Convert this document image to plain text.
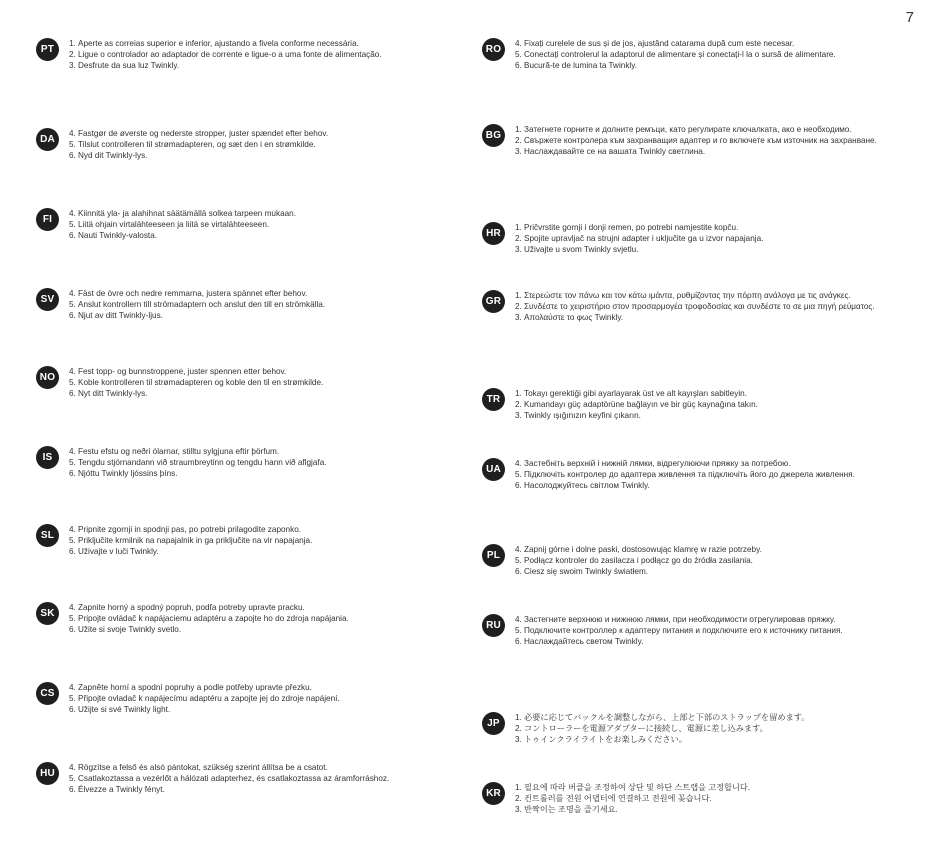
7
PT
1. Aperte as correias superior e inferior, ajustando a fivela conforme necessária.
2. Ligue o controlador ao adaptador de corrente e ligue-o a uma fonte de alimentação.
3. Desfrute da sua luz Twinkly.
DA
4. Fastgør de øverste og nederste stropper, juster spændet efter behov.
5. Tilslut controlleren til strømadapteren, og sæt den i en strømkilde.
6. Nyd dit Twinkly-lys.
FI
4. Kiinnitä yla- ja alahihnat säätämällä solkea tarpeen mukaan.
5. Liitä ohjain virtalähteeseen ja liitä se virtalähteeseen.
6. Nauti Twinkly-valosta.
SV
4. Fäst de övre och nedre remmarna, justera spännet efter behov.
5. Anslut kontrollern till strömadaptern och anslut den till en strömkälla.
6. Njut av ditt Twinkly-ljus.
NO
4. Fest topp- og bunnstroppene, juster spennen etter behov.
5. Koble kontrolleren til strømadapteren og koble den til en strømkilde.
6. Nyt ditt Twinkly-lys.
IS
4. Festu efstu og neðri ólarnar, stilltu sylgjuna eftir þörfum.
5. Tengdu stjórnandann við straumbreytinn og tengdu hann við aflgjafa.
6. Njóttu Twinkly ljóssins þíns.
SL
4. Pripnite zgornji in spodnji pas, po potrebi prilagodite zaponko.
5. Priključite krmilnik na napajalnik in ga priključite na vir napajanja.
6. Uživajte v luči Twinkly.
SK
4. Zapnite horný a spodný popruh, podľa potreby upravte pracku.
5. Pripojte ovládač k napájaciemu adaptéru a zapojte ho do zdroja napájania.
6. Užite si svoje Twinkly svetlo.
CS
4. Zapněte horní a spodní popruhy a podle potřeby upravte přezku.
5. Připojte ovladač k napájecímu adaptéru a zapojte jej do zdroje napájení.
6. Užijte si své Twinkly light.
HU
4. Rögzítse a felső és alsó pántokat, szükség szerint állítsa be a csatot.
5. Csatlakoztassa a vezérlőt a hálózati adapterhez, és csatlakoztassa az áramforráshoz.
6. Élvezze a Twinkly fényt.
RO
4. Fixați curelele de sus și de jos, ajustând catarama după cum este necesar.
5. Conectați controlerul la adaptorul de alimentare și conectați-l la o sursă de alimentare.
6. Bucură-te de lumina ta Twinkly.
BG
1. Затегнете горните и долните ремъци, като регулирате ключалката, ако е необходимо.
2. Свържете контролера към захранващия адаптер и го включете към източник на захранване.
3. Наслаждавайте се на вашата Twinkly светлина.
HR
1. Pričvrstite gornji i donji remen, po potrebi namjestite kopču.
2. Spojite upravljač na strujni adapter i uključite ga u izvor napajanja.
3. Uživajte u svom Twinkly svjetlu.
GR
1. Στερεώστε τον πάνω και τον κάτω ιμάντα, ρυθμίζοντας την πόρπη ανάλογα με τις ανάγκες.
2. Συνδέστε το χειριστήριο στον προσαρμογέα τροφοδοσίας και συνδέστε το σε μια πηγή ρεύματος.
3. Απολαύστε το φως Twinkly.
TR
1. Tokayı gerektiği gibi ayarlayarak üst ve alt kayışları sabitleyin.
2. Kumandayı güç adaptörüne bağlayın ve bir güç kaynağına takın.
3. Twinkly ışığınızın keyfini çıkarın.
UA
4. Застебніть верхній і нижній лямки, відрегулюючи пряжку за потребою.
5. Підключіть контролер до адаптера живлення та підключіть його до джерела живлення.
6. Насолоджуйтесь світлом Twinkly.
PL
4. Zapnij górne i dolne paski, dostosowując klamrę w razie potrzeby.
5. Podłącz kontroler do zasilacza i podłącz go do źródła zasilania.
6. Ciesz się swoim Twinkly światłem.
RU
4. Застегните верхнюю и нижнюю лямки, при необходимости отрегулировав пряжку.
5. Подключите контроллер к адаптеру питания и подключите его к источнику питания.
6. Наслаждайтесь светом Twinkly.
JP
1. 必要に応じてバックルを調整しながら、上部と下部のストラップを留めます。
2. コントローラーを電源アダプターに接続し、電源に差し込みます。
3. トゥインクライライトをお楽しみください。
KR
1. 필요에 따라 버클을 조정하여 상단 및 하단 스트랩을 고정합니다.
2. 컨트롤러를 전원 어댑터에 연결하고 전원에 꽂습니다.
3. 반짝이는 조명을 즐기세요.
